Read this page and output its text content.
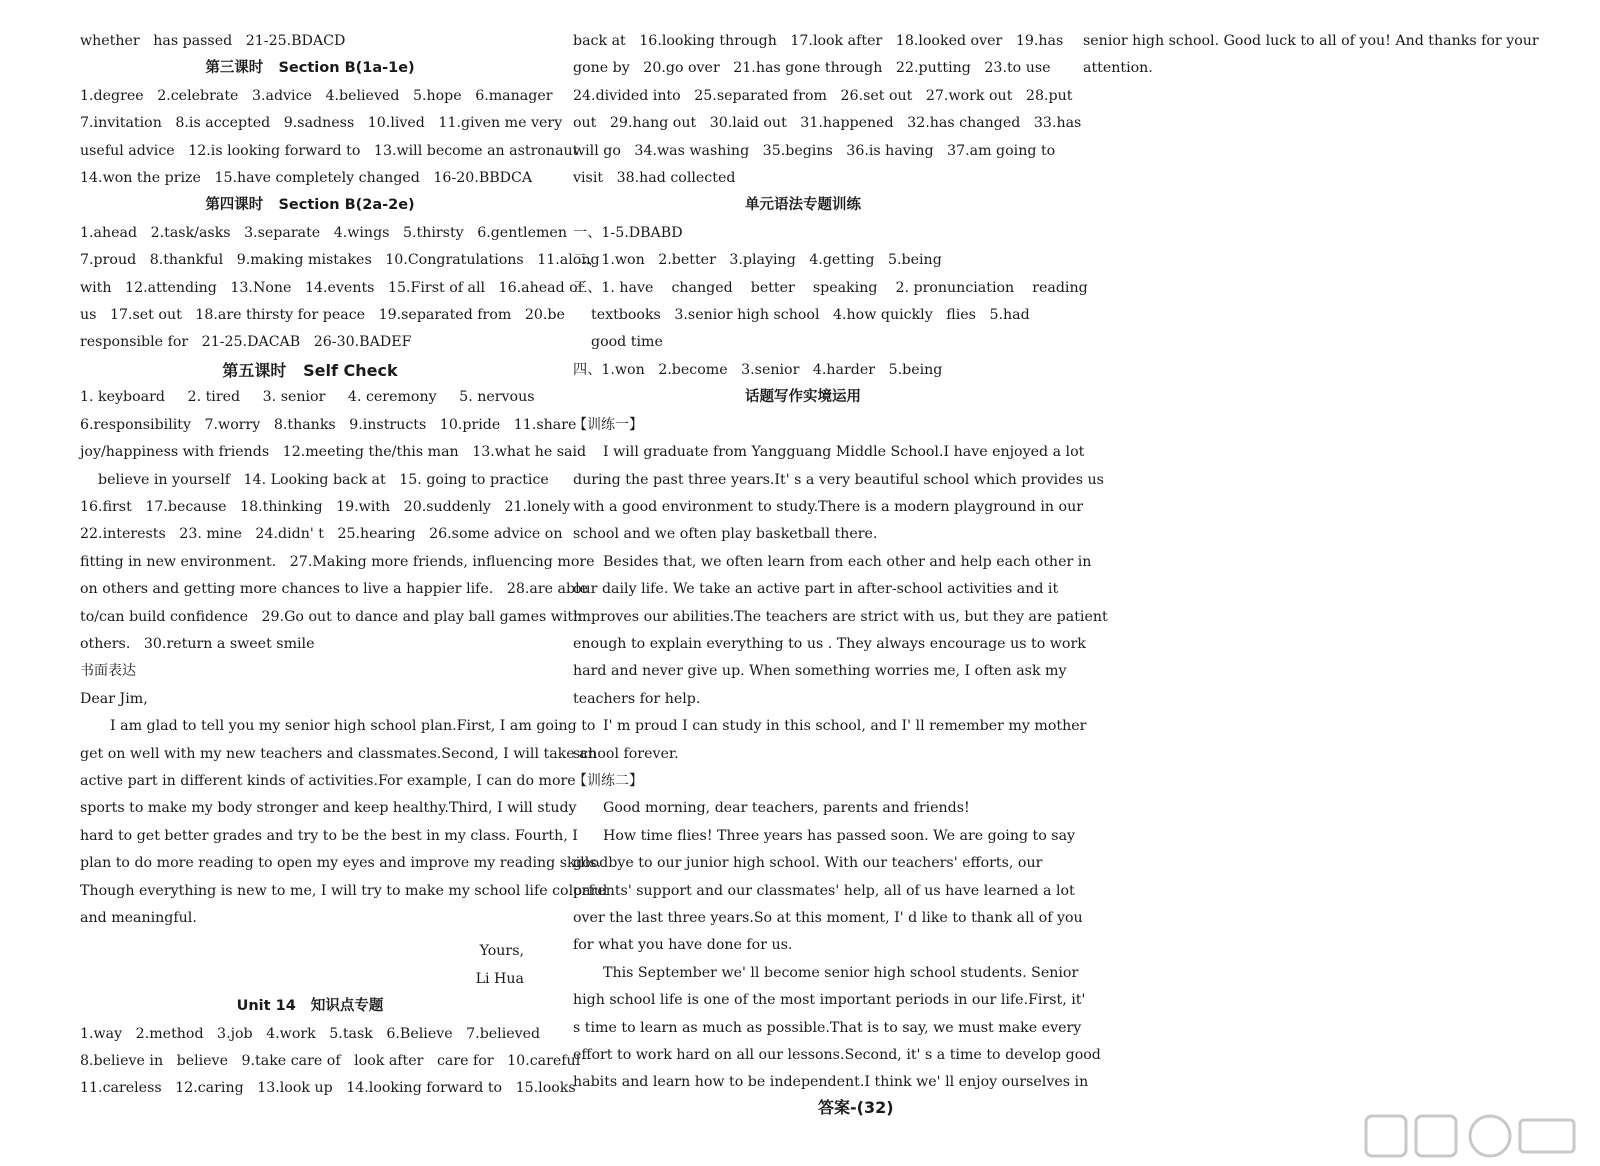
whether   has passed   21-25.BDACD
第三课时   Section B(1a-1e)
1.degree   2.celebrate   3.advice   4.believed   5.hope   6.manager
7.invitation   8.is accepted   9.sadness   10.lived   11.given me very
useful advice   12.is looking forward to   13.will become an astronaut
14.won the prize   15.have completely changed   16-20.BBDCA
第四课时   Section B(2a-2e)
1.ahead   2.task/asks   3.separate   4.wings   5.thirsty   6.gentlemen
7.proud   8.thankful   9.making mistakes   10.Congratulations   11.along
with   12.attending   13.None   14.events   15.First of all   16.ahead of
us   17.set out   18.are thirsty for peace   19.separated from   20.be
responsible for   21-25.DACAB   26-30.BADEF
第五课时   Self Check
1. keyboard     2. tired     3. senior     4. ceremony     5. nervous
6.responsibility   7.worry   8.thanks   9.instructs   10.pride   11.share
joy/happiness with friends   12.meeting the/this man   13.what he said
believe in yourself   14. Looking back at   15. going to practice
16.first   17.because   18.thinking   19.with   20.suddenly   21.lonely
22.interests   23. mine   24.didn' t   25.hearing   26.some advice on
fitting in new environment.   27.Making more friends, influencing more
on others and getting more chances to live a happier life.   28.are able
to/can build confidence   29.Go out to dance and play ball games with
others.   30.return a sweet smile
书面表达
Dear Jim,
I am glad to tell you my senior high school plan.First, I am going to
get on well with my new teachers and classmates.Second, I will take an
active part in different kinds of activities.For example, I can do more
sports to make my body stronger and keep healthy.Third, I will study
hard to get better grades and try to be the best in my class. Fourth, I
plan to do more reading to open my eyes and improve my reading skills.
Though everything is new to me, I will try to make my school life colorful
and meaningful.
Yours,
Li Hua
Unit 14   知识点专题
1.way   2.method   3.job   4.work   5.task   6.Believe   7.believed
8.believe in   believe   9.take care of   look after   care for   10.careful
11.careless   12.caring   13.look up   14.looking forward to   15.looks
back at   16.looking through   17.look after   18.looked over   19.has
gone by   20.go over   21.has gone through   22.putting   23.to use
24.divided into   25.separated from   26.set out   27.work out   28.put
out   29.hang out   30.laid out   31.happened   32.has changed   33.has
will go   34.was washing   35.begins   36.is having   37.am going to
visit   38.had collected
单元语法专题训练
一、1-5.DBABD
二、1.won   2.better   3.playing   4.getting   5.being
三、1. have    changed    better    speaking    2. pronunciation    reading
textbooks   3.senior high school   4.how quickly   flies   5.had
good time
四、1.won   2.become   3.senior   4.harder   5.being
话题写作实境运用
【训练一】
I will graduate from Yangguang Middle School.I have enjoyed a lot
during the past three years.It' s a very beautiful school which provides us
with a good environment to study.There is a modern playground in our
school and we often play basketball there.
Besides that, we often learn from each other and help each other in
our daily life. We take an active part in after-school activities and it
improves our abilities.The teachers are strict with us, but they are patient
enough to explain everything to us . They always encourage us to work
hard and never give up. When something worries me, I often ask my
teachers for help.
I' m proud I can study in this school, and I' ll remember my mother
school forever.
【训练二】
Good morning, dear teachers, parents and friends!
How time flies! Three years has passed soon. We are going to say
goodbye to our junior high school. With our teachers' efforts, our
parents' support and our classmates' help, all of us have learned a lot
over the last three years.So at this moment, I' d like to thank all of you
for what you have done for us.
This September we' ll become senior high school students. Senior
high school life is one of the most important periods in our life.First, it'
s time to learn as much as possible.That is to say, we must make every
effort to work hard on all our lessons.Second, it' s a time to develop good
habits and learn how to be independent.I think we' ll enjoy ourselves in
senior high school. Good luck to all of you! And thanks for your
attention.
答案-(32)
